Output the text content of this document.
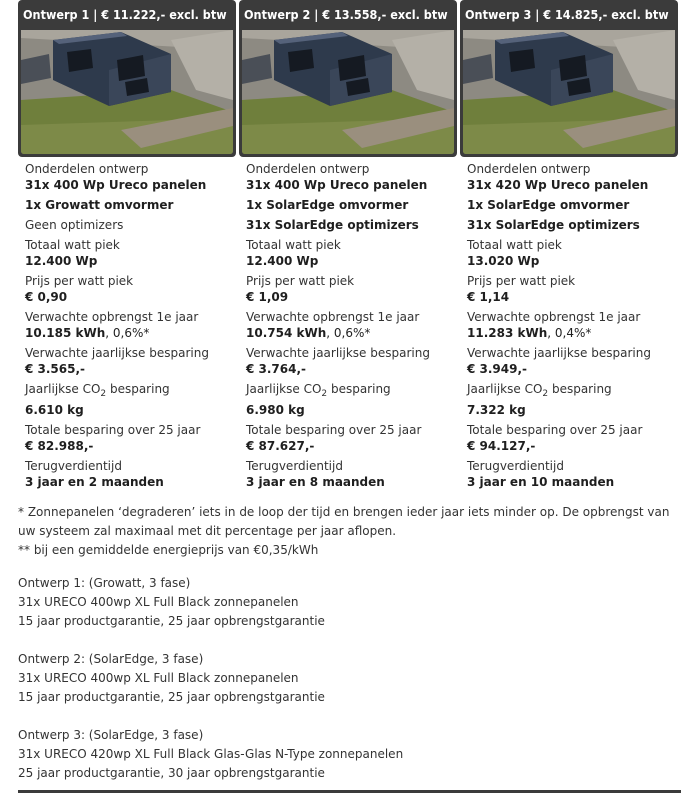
Ontwerp 1 | € 11.222,- excl. btw
Onderdelen ontwerp
31x 400 Wp Ureco panelen
1x Growatt omvormer
Geen optimizers
Totaal watt piek
12.400 Wp
Prijs per watt piek
€ 0,90
Verwachte opbrengst 1e jaar
10.185 kWh, 0,6%*
Verwachte jaarlijkse besparing
€ 3.565,-
Jaarlijkse $CO_2$ besparing
6.610 kg
Totale besparing over 25 jaar
€ 82.988,-
Terugverdientijd
3 jaar en 2 maanden
Ontwerp 2 | € 13.558,- excl. btw
Onderdelen ontwerp
31x 400 Wp Ureco panelen
1x SolarEdge omvormer
31x SolarEdge optimizers
Totaal watt piek
12.400 Wp
Prijs per watt piek
€ 1,09
Verwachte opbrengst 1e jaar
10.754 kWh, 0,6%*
Verwachte jaarlijkse besparing
€ 3.764,-
Jaarlijkse $CO_2$ besparing
6.980 kg
Totale besparing over 25 jaar
€ 87.627,-
Terugverdientijd
3 jaar en 8 maanden
Ontwerp 3 | € 14.825,- excl. btw
Onderdelen ontwerp
31x 420 Wp Ureco panelen
1x SolarEdge omvormer
31x SolarEdge optimizers
Totaal watt piek
13.020 Wp
Prijs per watt piek
€ 1,14
Verwachte opbrengst 1e jaar
11.283 kWh, 0,4%*
Verwachte jaarlijkse besparing
€ 3.949,-
Jaarlijkse $CO_2$ besparing
7.322 kg
Totale besparing over 25 jaar
€ 94.127,-
Terugverdientijd
3 jaar en 10 maanden

* Zonnepanelen ‘degraderen’ iets in de loop der tijd en brengen ieder jaar iets minder op. De opbrengst van uw systeem zal maximaal met dit percentage per jaar aflopen.

** bij een gemiddelde energieprijs van €0,35/kWh

Ontwerp 1: (Growatt, 3 fase)

31x URECO 400wp XL Full Black zonnepanelen

15 jaar productgarantie, 25 jaar opbrengstgarantie

Ontwerp 2: (SolarEdge, 3 fase)

31x URECO 400wp XL Full Black zonnepanelen

15 jaar productgarantie, 25 jaar opbrengstgarantie

Ontwerp 3: (SolarEdge, 3 fase)

31x URECO 420wp XL Full Black Glas-Glas N-Type zonnepanelen

25 jaar productgarantie, 30 jaar opbrengstgarantie
